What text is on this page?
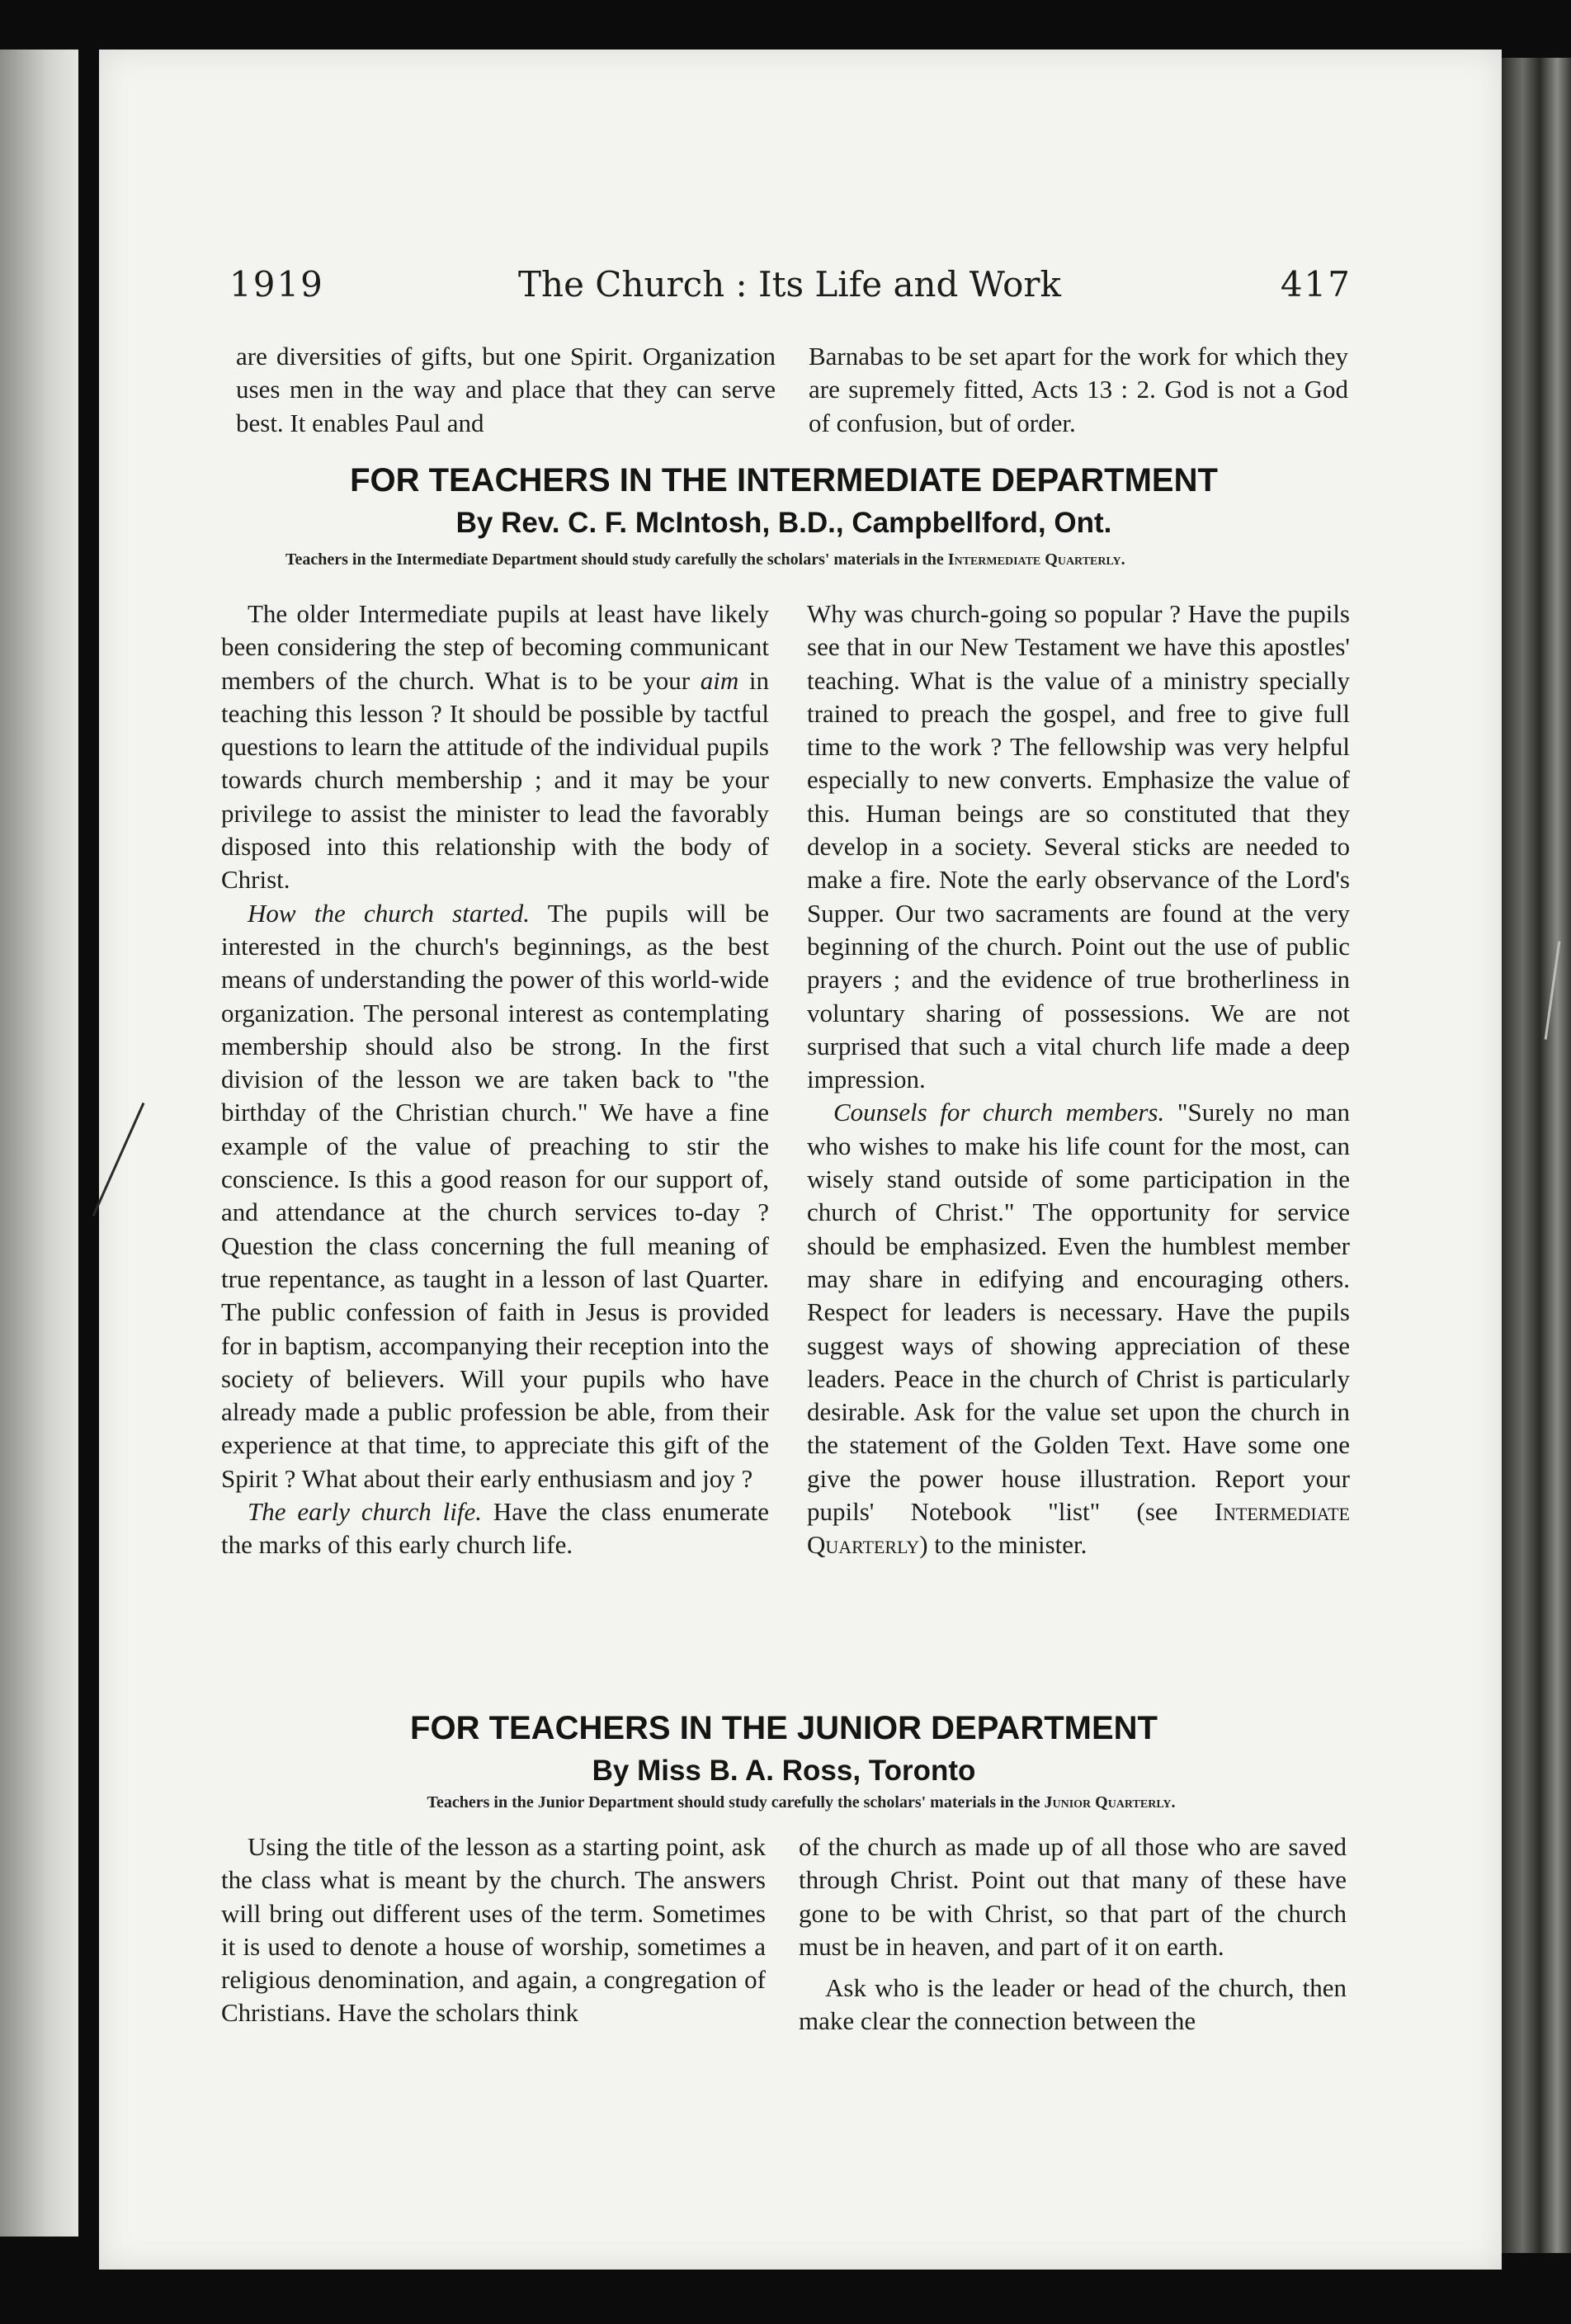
1919	The Church : Its Life and Work	417

are diversities of gifts, but one Spirit. Organization uses men in the way and place that they can serve best. It enables Paul and

Barnabas to be set apart for the work for which they are supremely fitted, Acts 13 : 2. God is not a God of confusion, but of order.

FOR TEACHERS IN THE INTERMEDIATE DEPARTMENT
By Rev. C. F. McIntosh, B.D., Campbellford, Ont.
Teachers in the Intermediate Department should study carefully the scholars' materials in the Intermediate Quarterly.

The older Intermediate pupils at least have likely been considering the step of becoming communicant members of the church. What is to be your aim in teaching this lesson ? It should be possible by tactful questions to learn the attitude of the individual pupils towards church membership ; and it may be your privilege to assist the minister to lead the favorably disposed into this relationship with the body of Christ.

How the church started. The pupils will be interested in the church's beginnings, as the best means of understanding the power of this world-wide organization. The personal interest as contemplating membership should also be strong. In the first division of the lesson we are taken back to "the birthday of the Christian church." We have a fine example of the value of preaching to stir the conscience. Is this a good reason for our support of, and attendance at the church services to-day ? Question the class concerning the full meaning of true repentance, as taught in a lesson of last Quarter. The public confession of faith in Jesus is provided for in baptism, accompanying their reception into the society of believers. Will your pupils who have already made a public profession be able, from their experience at that time, to appreciate this gift of the Spirit ? What about their early enthusiasm and joy ?

The early church life. Have the class enumerate the marks of this early church life.

Why was church-going so popular ? Have the pupils see that in our New Testament we have this apostles' teaching. What is the value of a ministry specially trained to preach the gospel, and free to give full time to the work ? The fellowship was very helpful especially to new converts. Emphasize the value of this. Human beings are so constituted that they develop in a society. Several sticks are needed to make a fire. Note the early observance of the Lord's Supper. Our two sacraments are found at the very beginning of the church. Point out the use of public prayers ; and the evidence of true brotherliness in voluntary sharing of possessions. We are not surprised that such a vital church life made a deep impression.

Counsels for church members. "Surely no man who wishes to make his life count for the most, can wisely stand outside of some participation in the church of Christ." The opportunity for service should be emphasized. Even the humblest member may share in edifying and encouraging others. Respect for leaders is necessary. Have the pupils suggest ways of showing appreciation of these leaders. Peace in the church of Christ is particularly desirable. Ask for the value set upon the church in the statement of the Golden Text. Have some one give the power house illustration. Report your pupils' Notebook "list" (see Intermediate Quarterly) to the minister.

FOR TEACHERS IN THE JUNIOR DEPARTMENT
By Miss B. A. Ross, Toronto
Teachers in the Junior Department should study carefully the scholars' materials in the Junior Quarterly.

Using the title of the lesson as a starting point, ask the class what is meant by the church. The answers will bring out different uses of the term. Sometimes it is used to denote a house of worship, sometimes a religious denomination, and again, a congregation of Christians. Have the scholars think

of the church as made up of all those who are saved through Christ. Point out that many of these have gone to be with Christ, so that part of the church must be in heaven, and part of it on earth.

Ask who is the leader or head of the church, then make clear the connection between the
